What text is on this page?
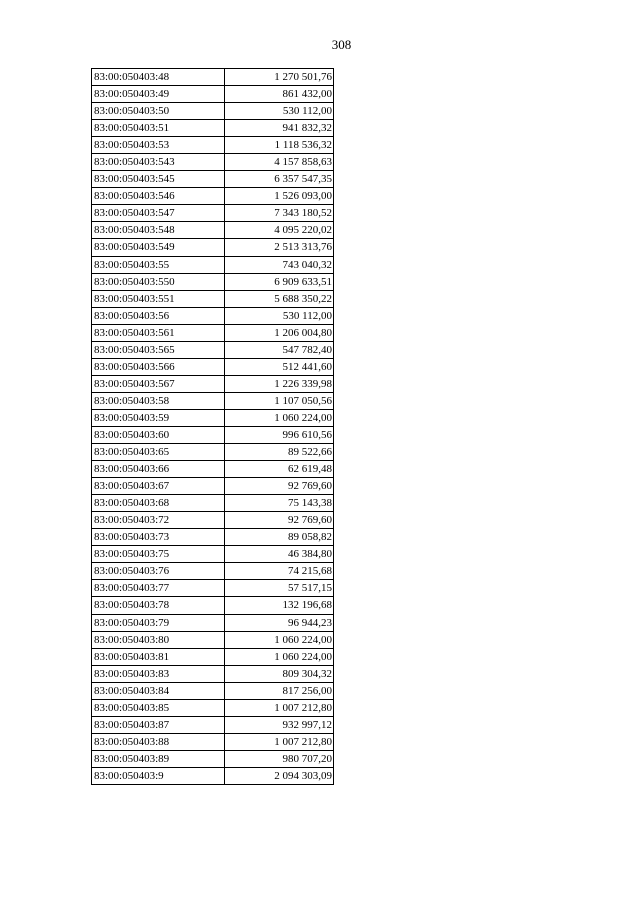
308
83:00:050403:48	1 270 501,76
83:00:050403:49	861 432,00
83:00:050403:50	530 112,00
83:00:050403:51	941 832,32
83:00:050403:53	1 118 536,32
83:00:050403:543	4 157 858,63
83:00:050403:545	6 357 547,35
83:00:050403:546	1 526 093,00
83:00:050403:547	7 343 180,52
83:00:050403:548	4 095 220,02
83:00:050403:549	2 513 313,76
83:00:050403:55	743 040,32
83:00:050403:550	6 909 633,51
83:00:050403:551	5 688 350,22
83:00:050403:56	530 112,00
83:00:050403:561	1 206 004,80
83:00:050403:565	547 782,40
83:00:050403:566	512 441,60
83:00:050403:567	1 226 339,98
83:00:050403:58	1 107 050,56
83:00:050403:59	1 060 224,00
83:00:050403:60	996 610,56
83:00:050403:65	89 522,66
83:00:050403:66	62 619,48
83:00:050403:67	92 769,60
83:00:050403:68	75 143,38
83:00:050403:72	92 769,60
83:00:050403:73	89 058,82
83:00:050403:75	46 384,80
83:00:050403:76	74 215,68
83:00:050403:77	57 517,15
83:00:050403:78	132 196,68
83:00:050403:79	96 944,23
83:00:050403:80	1 060 224,00
83:00:050403:81	1 060 224,00
83:00:050403:83	809 304,32
83:00:050403:84	817 256,00
83:00:050403:85	1 007 212,80
83:00:050403:87	932 997,12
83:00:050403:88	1 007 212,80
83:00:050403:89	980 707,20
83:00:050403:9	2 094 303,09
